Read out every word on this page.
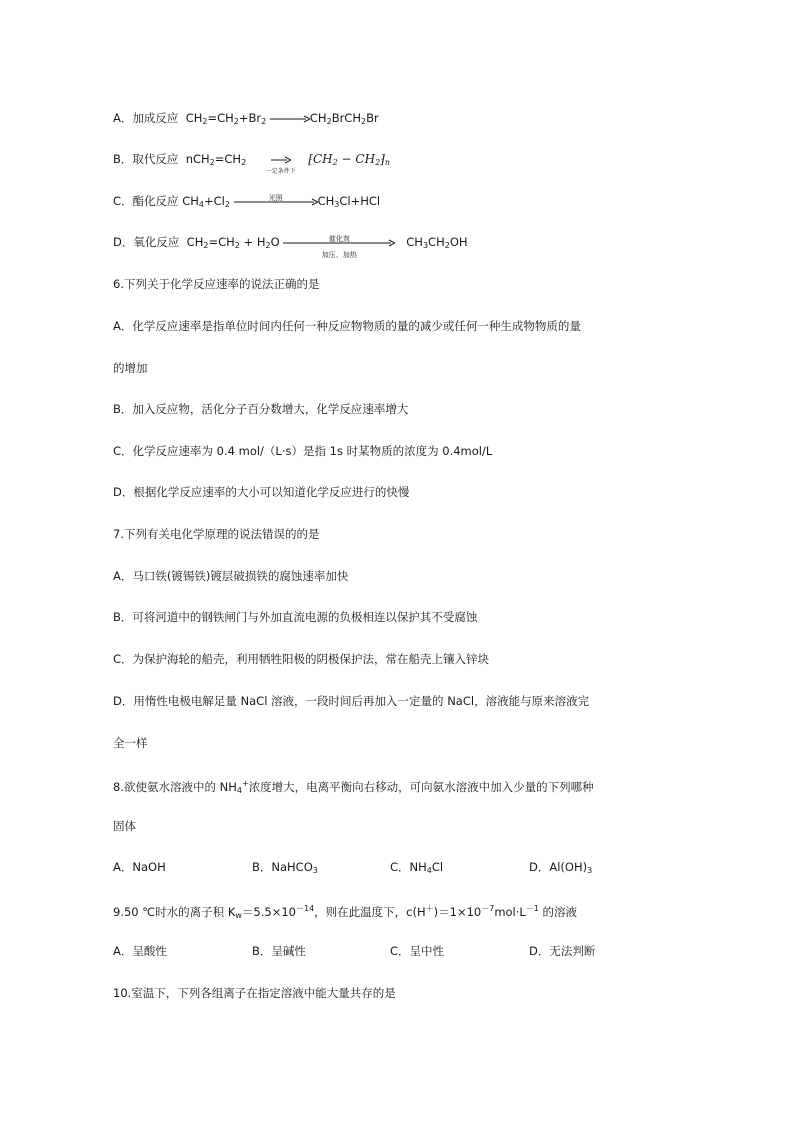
A．加成反应 $CH_2=CH_2+Br_2$ $\to CH_2BrCH_2Br$
B．取代反应 $nCH_2=CH_2$
一定条件下
$⁅CH_2$ − $CH_2⁆_n$
C．酯化反应 $CH_4+Cl_2$
光照	$CH_3Cl+HCl$
D．氧化反应 $CH_2=CH_2 + H_2O$	催化剂
加压、加热
$CH_3CH_2OH$
6.下列关于化学反应速率的说法正确的是
A．化学反应速率是指单位时间内任何一种反应物物质的量的减少或任何一种生成物物质的量
的增加
B．加入反应物，活化分子百分数增大，化学反应速率增大
C．化学反应速率为 0.4 mol/（L·s）是指 1s 时某物质的浓度为 0.4mol/L
D．根据化学反应速率的大小可以知道化学反应进行的快慢
7.下列有关电化学原理的说法错误的的是
A．马口铁(镀锡铁)镀层破损铁的腐蚀速率加快
B．可将河道中的钢铁闸门与外加直流电源的负极相连以保护其不受腐蚀
C．为保护海轮的船壳，利用牺牲阳极的阴极保护法，常在船壳上镶入锌块
D．用惰性电极电解足量 NaCl 溶液，一段时间后再加入一定量的 NaCl，溶液能与原来溶液完
全一样
8.欲使氨水溶液中的 $NH_4^+$浓度增大，电离平衡向右移动，可向氨水溶液中加入少量的下列哪种
固体
A．NaOH	B．NaHCO$_3$	C．$NH_4Cl$	D．$Al(OH)_3$
9.50 ℃时水的离子积 $K_w=5.5\times 10^{-14}$，则在此温度下，$c(H^+)=1\times 10^{-7}mol\cdot L^{-1}$ 的溶液
A．呈酸性	B．呈碱性	C．呈中性	D．无法判断
10.室温下，下列各组离子在指定溶液中能大量共存的是
